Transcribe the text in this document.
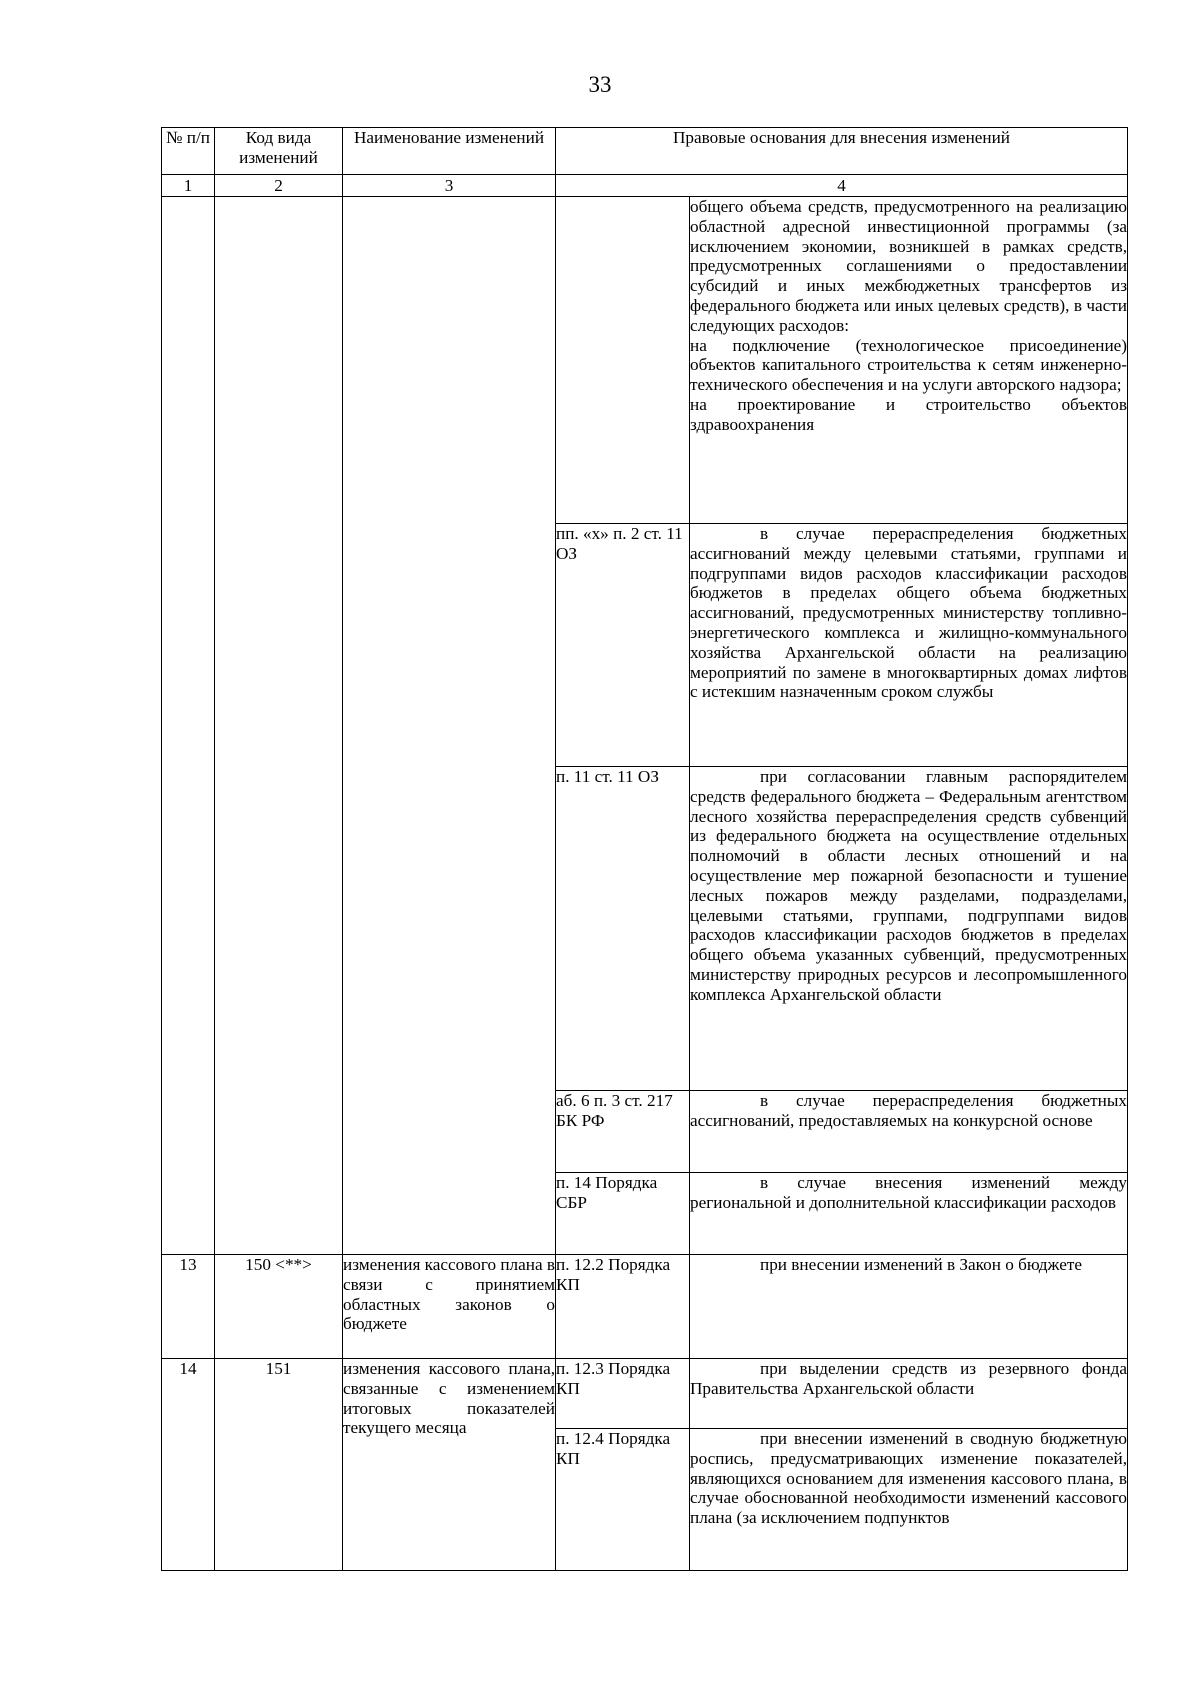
33
№ п/п	Код вида изменений	Наименование изменений	Правовые основания для внесения изменений	
1	2	3	4	

				общего объема средств, предусмотренного на реализацию областной адресной инвестиционной программы (за исключением экономии, возникшей в рамках средств, предусмотренных соглашениями о предоставлении субсидий и иных межбюджетных трансфертов из федерального бюджета или иных целевых средств), в части следующих расходов:
на подключение (технологическое присоединение) объектов капитального строительства к сетям инженерно-технического обеспечения и на услуги авторского надзора;
на проектирование и строительство объектов здравоохранения

			пп. «х» п. 2 ст. 11 ОЗ	в случае перераспределения бюджетных ассигнований между целевыми статьями, группами и подгруппами видов расходов классификации расходов бюджетов в пределах общего объема бюджетных ассигнований, предусмотренных министерству топливно-энергетического комплекса и жилищно-коммунального хозяйства Архангельской области на реализацию мероприятий по замене в многоквартирных домах лифтов с истекшим назначенным сроком службы
			п. 11 ст. 11 ОЗ	при согласовании главным распорядителем средств федерального бюджета – Федеральным агентством лесного хозяйства перераспределения средств субвенций из федерального бюджета на осуществление отдельных полномочий в области лесных отношений и на осуществление мер пожарной безопасности и тушение лесных пожаров между разделами, подразделами, целевыми статьями, группами, подгруппами видов расходов классификации расходов бюджетов в пределах общего объема указанных субвенций, предусмотренных министерству природных ресурсов и лесопромышленного комплекса Архангельской области
			аб. 6 п. 3 ст. 217 БК РФ	в случае перераспределения бюджетных ассигнований, предоставляемых на конкурсной основе
			п. 14 Порядка СБР	в случае внесения изменений между региональной и дополнительной классификации расходов
13	150 <**>	изменения кассового плана в связи с принятием областных законов о бюджете	п. 12.2 Порядка КП	при внесении изменений в Закон о бюджете
14	151	изменения кассового плана, связанные с изменением итоговых показателей текущего месяца	п. 12.3 Порядка КП	при выделении средств из резервного фонда Правительства Архангельской области
			п. 12.4 Порядка КП	при внесении изменений в сводную бюджетную роспись, предусматривающих изменение показателей, являющихся основанием для изменения кассового плана, в случае обоснованной необходимости изменений кассового плана (за исключением подпунктов
